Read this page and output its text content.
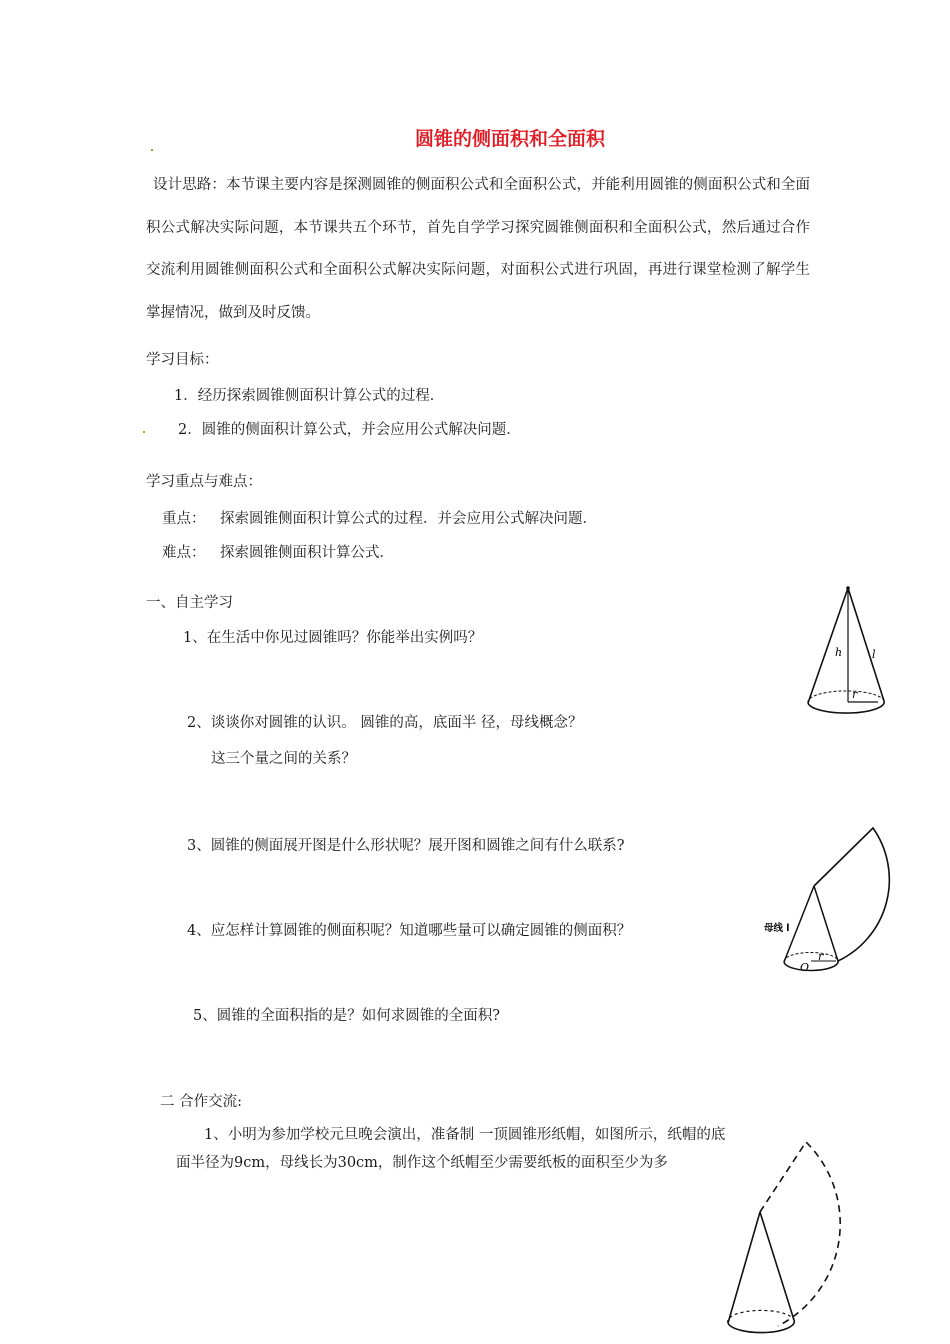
圆锥的侧面积和全面积
设计思路：本节课主要内容是探测圆锥的侧面积公式和全面积公式，并能利用圆锥的侧面积公式和全面积公式解决实际问题，本节课共五个环节，首先自学学习探究圆锥侧面积和全面积公式，然后通过合作交流利用圆锥侧面积公式和全面积公式解决实际问题，对面积公式进行巩固，再进行课堂检测了解学生掌握情况，做到及时反馈。
学习目标：
1．经历探索圆锥侧面积计算公式的过程．
2．圆锥的侧面积计算公式，并会应用公式解决问题．
学习重点与难点：
重点： 探索圆锥侧面积计算公式的过程．并会应用公式解决问题．
难点： 探索圆锥侧面积计算公式．
一、自主学习
1、在生活中你见过圆锥吗？你能举出实例吗？
2、谈谈你对圆锥的认识。 圆锥的高，底面半 径，母线概念？
这三个量之间的关系？
3、圆锥的侧面展开图是什么形状呢？展开图和圆锥之间有什么联系?
4、应怎样计算圆锥的侧面积呢？知道哪些量可以确定圆锥的侧面积？
5、圆锥的全面积指的是？如何求圆锥的全面积?
二 合作交流:
1、小明为参加学校元旦晚会演出，准备制 一顶圆锥形纸帽，如图所示，纸帽的底
面半径为9cm，母线长为30cm，制作这个纸帽至少需要纸板的面积至少为多
h	l
r
母线 l
O
r
